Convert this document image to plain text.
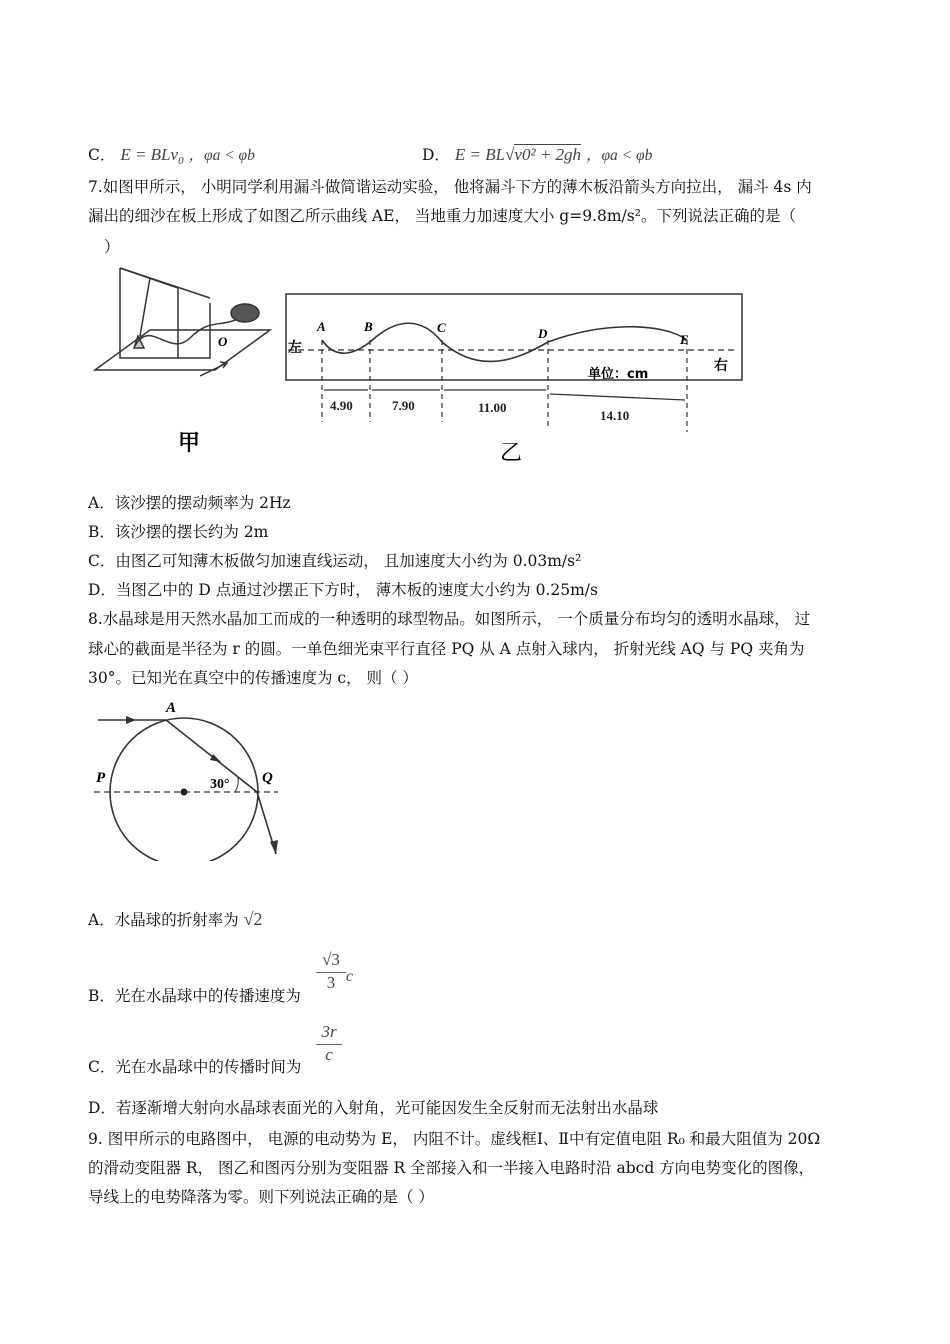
C． E = BLv$_0$ ，φa < φb	D． E = BL√v0² + 2gh ，φa < φb
7.如图甲所示， 小明同学利用漏斗做简谐运动实验， 他将漏斗下方的薄木板沿箭头方向拉出， 漏斗 4s 内
漏出的细沙在板上形成了如图乙所示曲线 AE， 当地重力加速度大小 g=9.8m/s²。下列说法正确的是（
）
O
甲
4.90	7.90	11.00
14.10
A	B	C	D	E
左
右
单位：cm
乙
A．该沙摆的摆动频率为 2Hz
B．该沙摆的摆长约为 2m
C．由图乙可知薄木板做匀加速直线运动， 且加速度大小约为 0.03m/s²
D．当图乙中的 D 点通过沙摆正下方时， 薄木板的速度大小约为 0.25m/s
8.水晶球是用天然水晶加工而成的一种透明的球型物品。如图所示， 一个质量分布均匀的透明水晶球， 过
球心的截面是半径为 r 的圆。一单色细光束平行直径 PQ 从 A 点射入球内， 折射光线 AQ 与 PQ 夹角为
30°。已知光在真空中的传播速度为 c， 则（ ）
A
P	Q
30°
A．水晶球的折射率为 √2
B．光在水晶球中的传播速度为
$\frac{√3}{3}$ c
C．光在水晶球中的传播时间为
$\frac{3r}{c}$
D．若逐渐增大射向水晶球表面光的入射角，光可能因发生全反射而无法射出水晶球
9. 图甲所示的电路图中， 电源的电动势为 E， 内阻不计。虚线框Ⅰ、Ⅱ中有定值电阻 R₀ 和最大阻值为 20Ω
的滑动变阻器 R， 图乙和图丙分别为变阻器 R 全部接入和一半接入电路时沿 abcd 方向电势变化的图像，
导线上的电势降落为零。则下列说法正确的是（ ）
